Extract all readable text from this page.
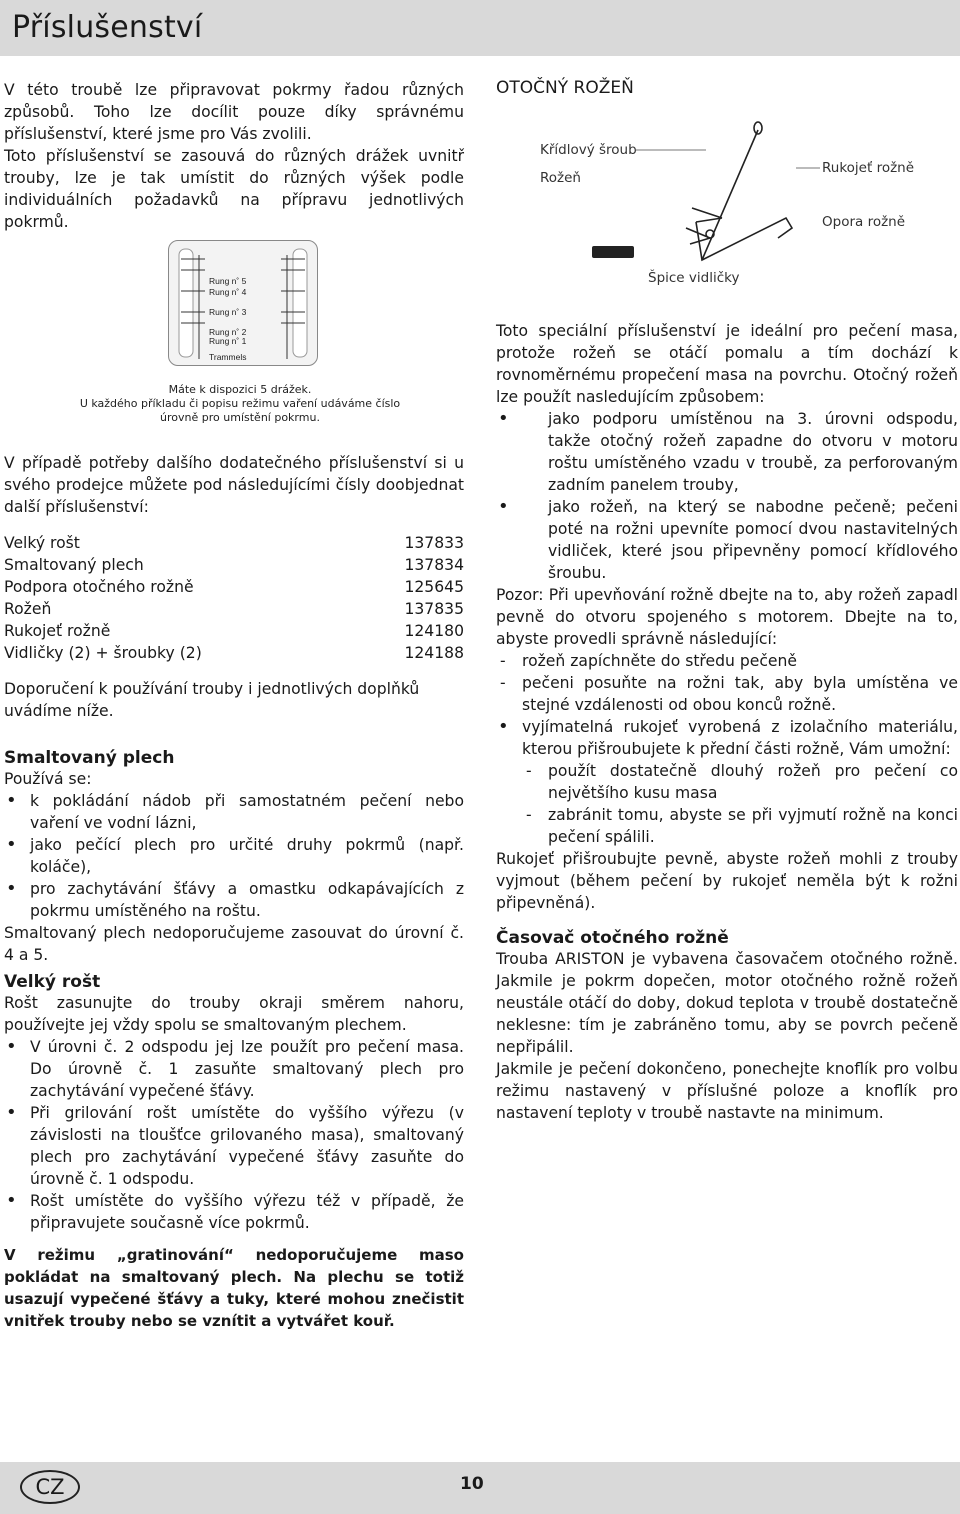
Příslušenství

V této troubě lze připravovat pokrmy řadou různých způsobů. Toho lze docílit pouze díky správnému příslušenství, které jsme pro Vás zvolili.

Toto příslušenství se zasouvá do různých drážek uvnitř trouby, lze je tak umístit do různých výšek podle individuálních požadavků na přípravu jednotlivých pokrmů.

Rung n˚ 5
Rung n˚ 4
Rung n˚ 3
Rung n˚ 2
Rung n˚ 1
Trammels
Máte k dispozici 5 drážek.
U každého příkladu či popisu režimu vaření udáváme číslo úrovně pro umístění pokrmu.

V případě potřeby dalšího dodatečného příslušenství si u svého prodejce můžete pod následujícími čísly doobjednat další příslušenství:

Velký rošt	137833
Smaltovaný plech	137834
Podpora otočného rožně	125645
Rožeň	137835
Rukojeť rožně	124180
Vidličky (2) + šroubky (2)	124188

Doporučení k používání trouby i jednotlivých doplňků uvádíme níže.

Smaltovaný plech

Používá se:

• k pokládání nádob při samostatném pečení nebo vaření ve vodní lázni,
• jako pečící plech pro určité druhy pokrmů (např. koláče),
• pro zachytávání šťávy a omastku odkapávajících z pokrmu umístěného na roštu.

Smaltovaný plech nedoporučujeme zasouvat do úrovní č. 4 a 5.

Velký rošt

Rošt zasunujte do trouby okraji směrem nahoru, používejte jej vždy spolu se smaltovaným plechem.

• V úrovni č. 2 odspodu jej lze použít pro pečení masa. Do úrovně č. 1 zasuňte smaltovaný plech pro zachytávání vypečené šťávy.
• Při grilování rošt umístěte do vyššího výřezu (v závislosti na tloušťce grilovaného masa), smaltovaný plech pro zachytávání vypečené šťávy zasuňte do úrovně č. 1 odspodu.
• Rošt umístěte do vyššího výřezu též v případě, že připravujete současně více pokrmů.

V režimu „gratinování“ nedoporučujeme maso pokládat na smaltovaný plech. Na plechu se totiž usazují vypečené šťávy a tuky, které mohou znečistit vnitřek trouby nebo se vznítit a vytvářet kouř.

OTOČNÝ ROŽEŇ
Křídlový šroub
Rožeň
Rukojeť rožně
Opora rožně
Špice vidličky

Toto speciální příslušenství je ideální pro pečení masa, protože rožeň se otáčí pomalu a tím dochází k rovnoměrnému propečení masa na povrchu. Otočný rožeň lze použít nasledujícím způsobem:

• jako podporu umístěnou na 3. úrovni odspodu, takže otočný rožeň zapadne do otvoru v motoru roštu umístěného vzadu v troubě, za perforovaným zadním panelem trouby,
• jako rožeň, na který se nabodne pečeně; pečeni poté na rožni upevníte pomocí dvou nastavitelných vidliček, které jsou připevněny pomocí křídlového šroubu.

Pozor: Při upevňování rožně dbejte na to, aby rožeň zapadl pevně do otvoru spojeného s motorem. Dbejte na to, abyste provedli správně následující:

- rožeň zapíchněte do středu pečeně
- pečeni posuňte na rožni tak, aby byla umístěna ve stejné vzdálenosti od obou konců rožně.
• vyjímatelná rukojeť vyrobená z izolačního materiálu, kterou přišroubujete k přední části rožně, Vám umožní:
- použít dostatečně dlouhý rožeň pro pečení co největšího kusu masa
- zabránit tomu, abyste se při vyjmutí rožně na konci pečení spálili.

Rukojeť přišroubujte pevně, abyste rožeň mohli z trouby vyjmout (během pečení by rukojeť neměla být k rožni připevněná).

Časovač otočného rožně

Trouba ARISTON je vybavena časovačem otočného rožně. Jakmile je pokrm dopečen, motor otočného rožně rožeň neustále otáčí do doby, dokud teplota v troubě dostatečně neklesne: tím je zabráněno tomu, aby se povrch pečeně nepřipálil.

Jakmile je pečení dokončeno, ponechejte knoflík pro volbu režimu nastavený v příslušné poloze a knoflík pro nastavení teploty v troubě nastavte na minimum.

CZ	10
